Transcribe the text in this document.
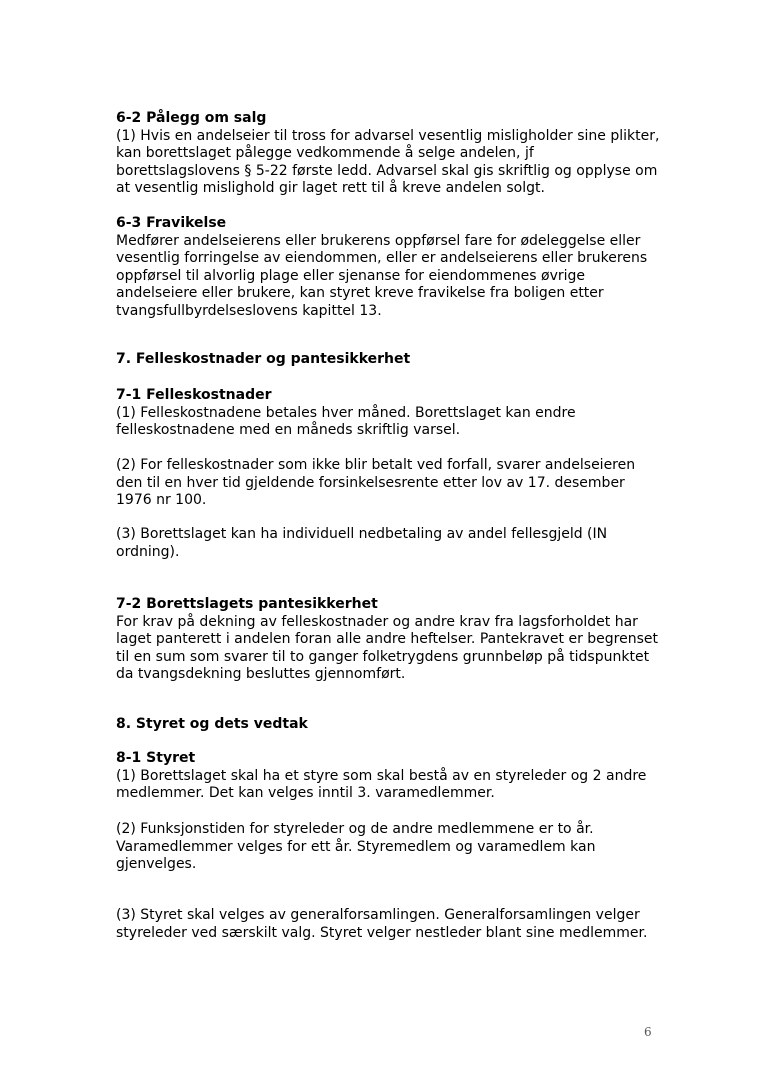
6-2 Pålegg om salg

(1) Hvis en andelseier til tross for advarsel vesentlig misligholder sine plikter, kan borettslaget pålegge vedkommende å selge andelen, jf borettslagslovens § 5-22 første ledd. Advarsel skal gis skriftlig og opplyse om at vesentlig mislighold gir laget rett til å kreve andelen solgt.

6-3 Fravikelse

Medfører andelseierens eller brukerens oppførsel fare for ødeleggelse eller vesentlig forringelse av eiendommen, eller er andelseierens eller brukerens oppførsel til alvorlig plage eller sjenanse for eiendommenes øvrige andelseiere eller brukere, kan styret kreve fravikelse fra boligen etter tvangsfullbyrdelseslovens kapittel 13.

7. Felleskostnader og pantesikkerhet
7-1 Felleskostnader

(1) Felleskostnadene betales hver måned. Borettslaget kan endre felleskostnadene med en måneds skriftlig varsel.

(2) For felleskostnader som ikke blir betalt ved forfall, svarer andelseieren den til en hver tid gjeldende forsinkelsesrente etter lov av 17. desember 1976 nr 100.

(3) Borettslaget kan ha individuell nedbetaling av andel fellesgjeld (IN ordning).

7-2 Borettslagets pantesikkerhet

For krav på dekning av felleskostnader og andre krav fra lagsforholdet har laget panterett i andelen foran alle andre heftelser. Pantekravet er begrenset til en sum som svarer til to ganger folketrygdens grunnbeløp på tidspunktet da tvangsdekning besluttes gjennomført.

8. Styret og dets vedtak
8-1 Styret

(1) Borettslaget skal ha et styre som skal bestå av en styreleder og 2 andre medlemmer. Det kan velges inntil 3. varamedlemmer.

(2) Funksjonstiden for styreleder og de andre medlemmene er to år. Varamedlemmer velges for ett år. Styremedlem og varamedlem kan gjenvelges.

(3) Styret skal velges av generalforsamlingen. Generalforsamlingen velger styreleder ved særskilt valg. Styret velger nestleder blant sine medlemmer.

6
